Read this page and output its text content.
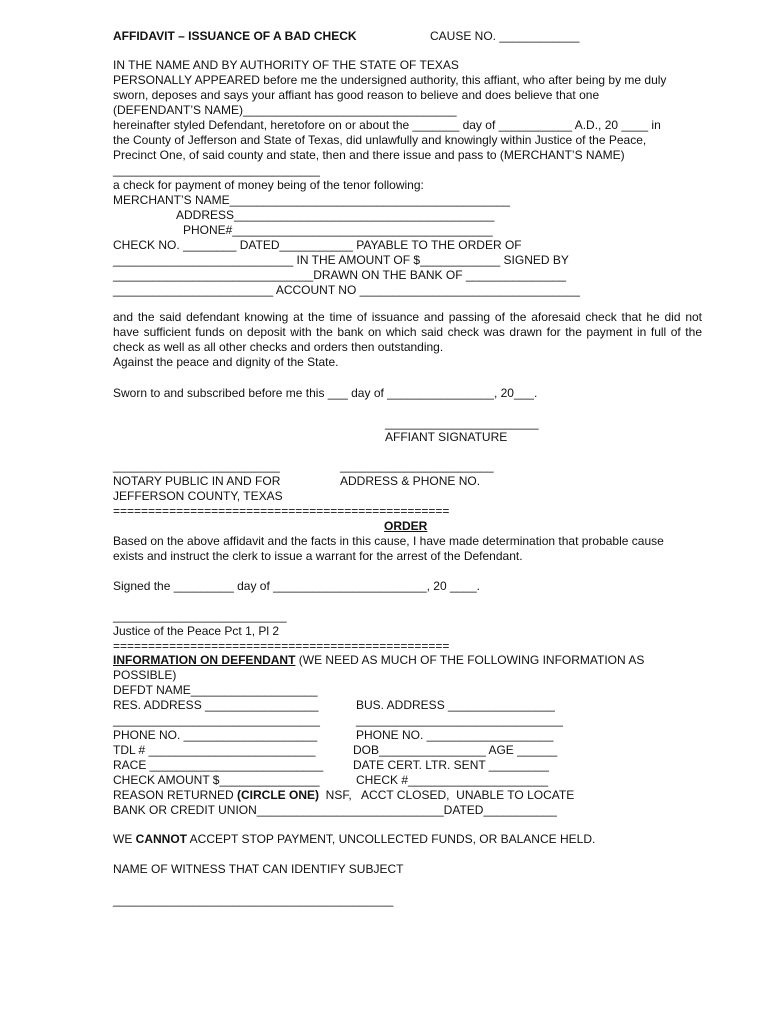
AFFIDAVIT – ISSUANCE OF A BAD CHECK	CAUSE NO. ____________
IN THE NAME AND BY AUTHORITY OF THE STATE OF TEXAS
PERSONALLY APPEARED before me the undersigned authority, this affiant, who after being by me duly
sworn, deposes and says your affiant has good reason to believe and does believe that one
(DEFENDANT’S NAME)________________________________
hereinafter styled Defendant, heretofore on or about the _______ day of ___________ A.D., 20 ____ in
the County of Jefferson and State of Texas, did unlawfully and knowingly within Justice of the Peace,
Precinct One, of said county and state, then and there issue and pass to (MERCHANT’S NAME)
_______________________________
a check for payment of money being of the tenor following:
MERCHANT’S NAME__________________________________________
ADDRESS_______________________________________
PHONE#_______________________________________
CHECK NO. ________ DATED___________ PAYABLE TO THE ORDER OF
___________________________ IN THE AMOUNT OF $____________ SIGNED BY
______________________________DRAWN ON THE BANK OF _______________
________________________ ACCOUNT NO _________________________________
and the said defendant knowing at the time of issuance and passing of the aforesaid check that he did not have sufficient funds on deposit with the bank on which said check was drawn for the payment in full of the check as well as all other checks and orders then outstanding.
Against the peace and dignity of the State.
Sworn to and subscribed before me this ___ day of ________________, 20___.
_______________________
AFFIANT SIGNATURE
_________________________	_______________________
NOTARY PUBLIC IN AND FOR	ADDRESS & PHONE NO.
JEFFERSON COUNTY, TEXAS
================================================
ORDER
Based on the above affidavit and the facts in this cause, I have made determination that probable cause
exists and instruct the clerk to issue a warrant for the arrest of the Defendant.
Signed the _________ day of _______________________, 20 ____.
__________________________
Justice of the Peace Pct 1, Pl 2
================================================
INFORMATION ON DEFENDANT (WE NEED AS MUCH OF THE FOLLOWING INFORMATION AS
POSSIBLE)
DEFDT NAME___________________
RES. ADDRESS _________________	BUS. ADDRESS ________________
_______________________________	_______________________________
PHONE NO. ____________________	PHONE NO. ___________________
TDL # _________________________	DOB________________ AGE ______
RACE __________________________ DATE CERT. LTR. SENT _________
CHECK AMOUNT $_______________	CHECK #_____________________
REASON RETURNED (CIRCLE ONE)  NSF,   ACCT CLOSED,  UNABLE TO LOCATE
BANK OR CREDIT UNION____________________________DATED___________
WE CANNOT ACCEPT STOP PAYMENT, UNCOLLECTED FUNDS, OR BALANCE HELD.
NAME OF WITNESS THAT CAN IDENTIFY SUBJECT
__________________________________________
